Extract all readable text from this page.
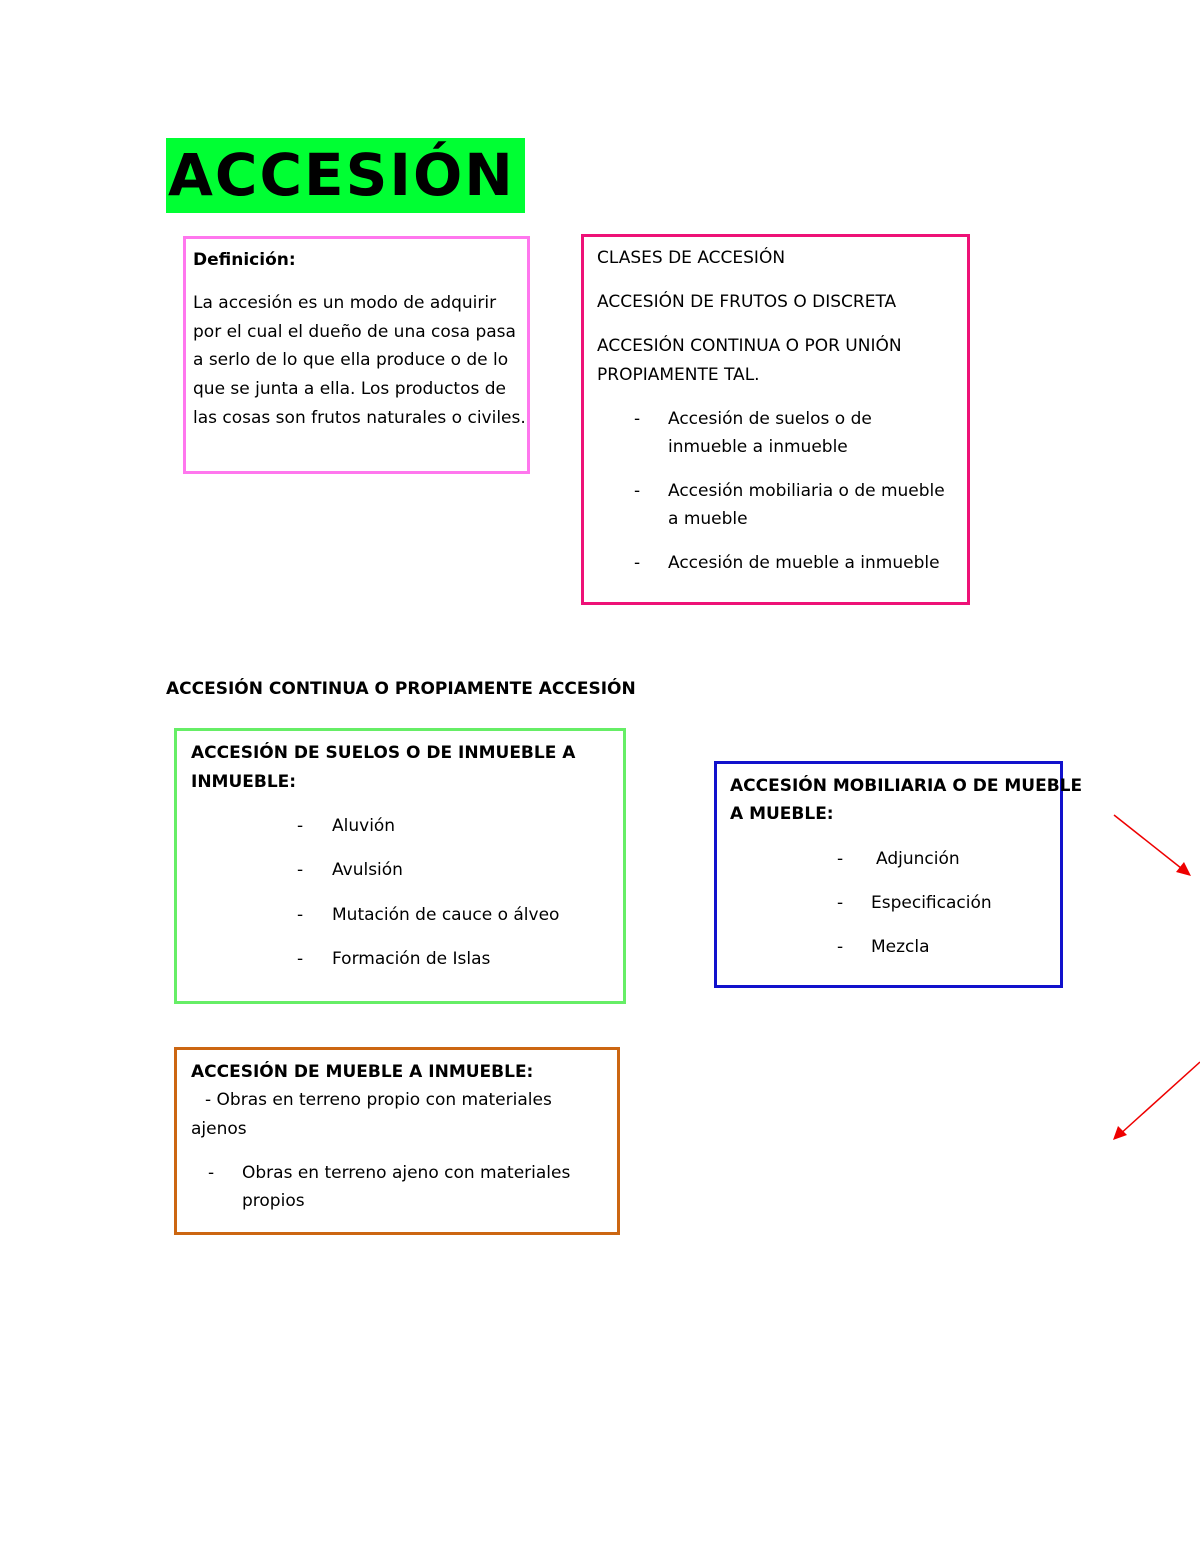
ACCESIÓN
Definición:
La accesión es un modo de adquirir
por el cual el dueño de una cosa pasa
a serlo de lo que ella produce o de lo
que se junta a ella. Los productos de
las cosas son frutos naturales o civiles.
CLASES DE ACCESIÓN
ACCESIÓN DE FRUTOS O DISCRETA
ACCESIÓN CONTINUA O POR UNIÓN
PROPIAMENTE TAL.
- Accesión de suelos o de
inmueble a inmueble
- Accesión mobiliaria o de mueble
a mueble
- Accesión de mueble a inmueble
ACCESIÓN CONTINUA O PROPIAMENTE ACCESIÓN
ACCESIÓN DE SUELOS O DE INMUEBLE A
INMUEBLE:
- Aluvión
- Avulsión
- Mutación de cauce o álveo
- Formación de Islas
ACCESIÓN MOBILIARIA O DE MUEBLE
A MUEBLE:
- Adjunción
- Especificación
- Mezcla
ACCESIÓN DE MUEBLE A INMUEBLE:
- Obras en terreno propio con materiales
ajenos
- Obras en terreno ajeno con materiales
propios
